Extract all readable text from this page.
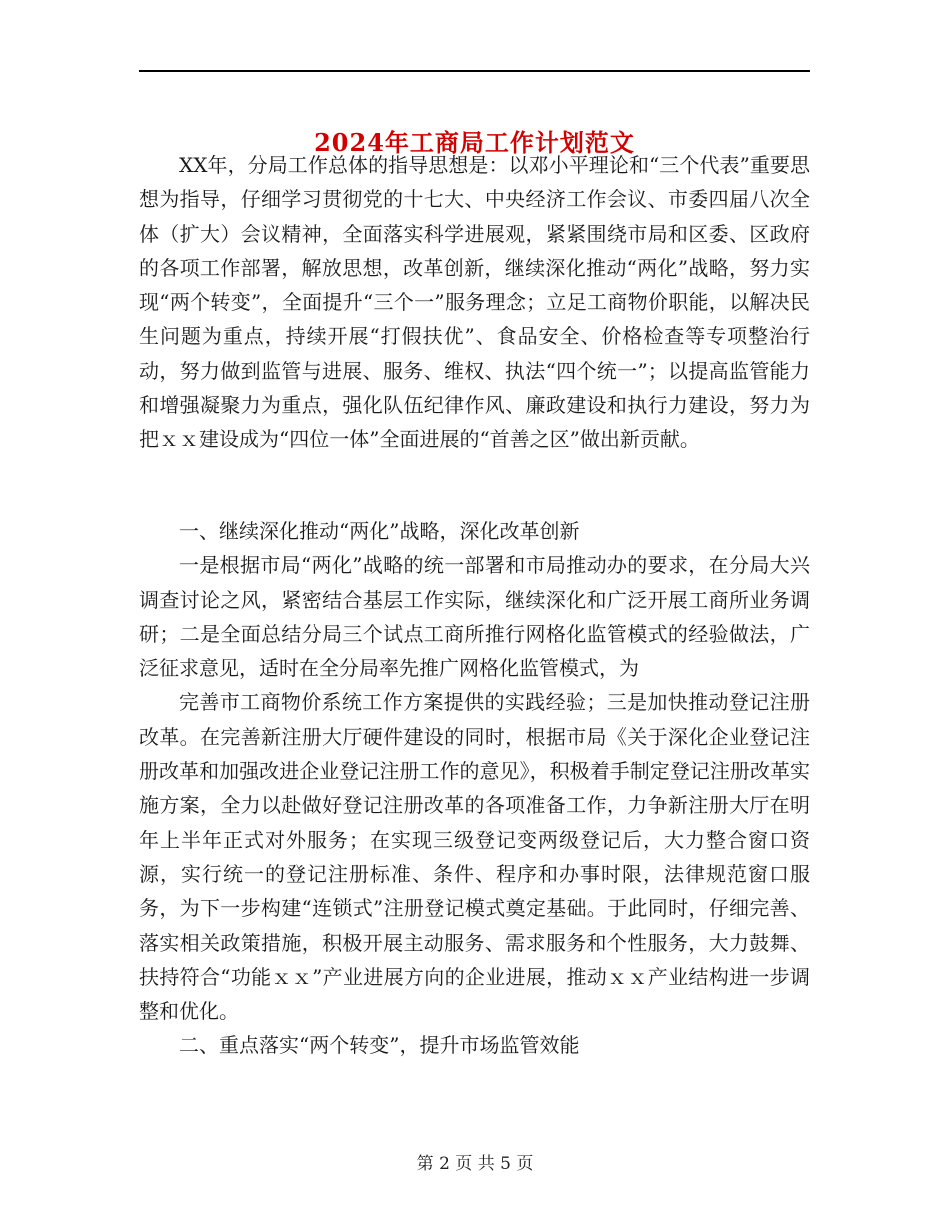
2024年工商局工作计划范文

XX年，分局工作总体的指导思想是：以邓小平理论和“三个代表”重要思想为指导，仔细学习贯彻党的十七大、中央经济工作会议、市委四届八次全体（扩大）会议精神，全面落实科学进展观，紧紧围绕市局和区委、区政府的各项工作部署，解放思想，改革创新，继续深化推动“两化”战略，努力实现“两个转变”，全面提升“三个一”服务理念；立足工商物价职能，以解决民生问题为重点，持续开展“打假扶优”、食品安全、价格检查等专项整治行动，努力做到监管与进展、服务、维权、执法“四个统一”；以提高监管能力和增强凝聚力为重点，强化队伍纪律作风、廉政建设和执行力建设，努力为把ｘｘ建设成为“四位一体”全面进展的“首善之区”做出新贡献。

一、继续深化推动“两化”战略，深化改革创新

一是根据市局“两化”战略的统一部署和市局推动办的要求，在分局大兴调查讨论之风，紧密结合基层工作实际，继续深化和广泛开展工商所业务调研；二是全面总结分局三个试点工商所推行网格化监管模式的经验做法，广泛征求意见，适时在全分局率先推广网格化监管模式，为

完善市工商物价系统工作方案提供的实践经验；三是加快推动登记注册改革。在完善新注册大厅硬件建设的同时，根据市局《关于深化企业登记注册改革和加强改进企业登记注册工作的意见》，积极着手制定登记注册改革实施方案，全力以赴做好登记注册改革的各项准备工作，力争新注册大厅在明年上半年正式对外服务；在实现三级登记变两级登记后，大力整合窗口资源，实行统一的登记注册标准、条件、程序和办事时限，法律规范窗口服务，为下一步构建“连锁式”注册登记模式奠定基础。于此同时，仔细完善、落实相关政策措施，积极开展主动服务、需求服务和个性服务，大力鼓舞、扶持符合“功能ｘｘ”产业进展方向的企业进展，推动ｘｘ产业结构进一步调整和优化。

二、重点落实“两个转变”，提升市场监管效能

第 2 页 共 5 页
